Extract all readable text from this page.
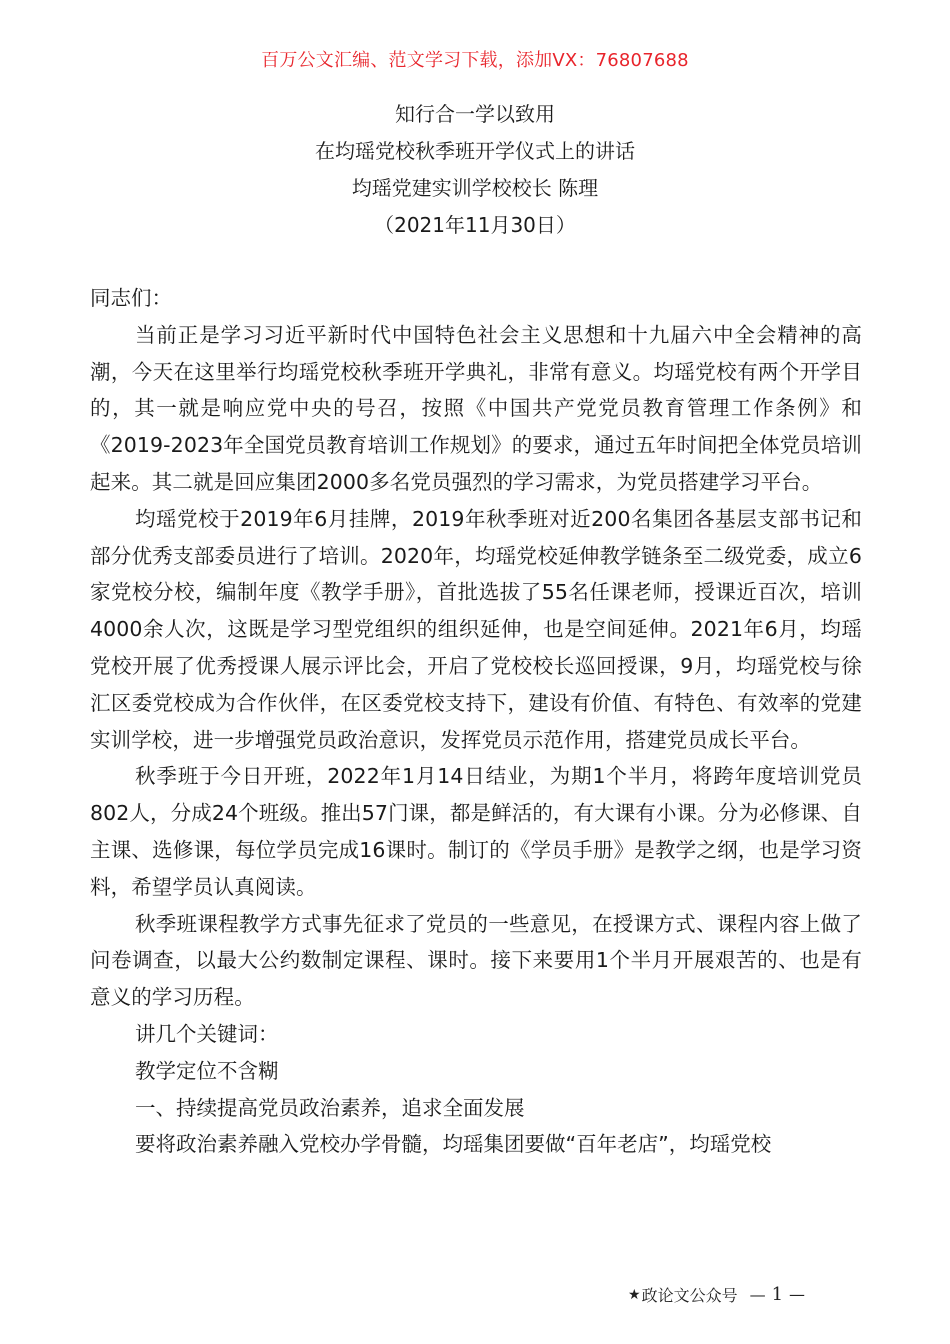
百万公文汇编、范文学习下载，添加VX：76807688
知行合一学以致用
在均瑶党校秋季班开学仪式上的讲话
均瑶党建实训学校校长 陈理
（2021年11月30日）

同志们：

当前正是学习习近平新时代中国特色社会主义思想和十九届六中全会精神的高潮，今天在这里举行均瑶党校秋季班开学典礼，非常有意义。均瑶党校有两个开学目的，其一就是响应党中央的号召，按照《中国共产党党员教育管理工作条例》和《2019-2023年全国党员教育培训工作规划》的要求，通过五年时间把全体党员培训起来。其二就是回应集团2000多名党员强烈的学习需求，为党员搭建学习平台。

均瑶党校于2019年6月挂牌，2019年秋季班对近200名集团各基层支部书记和部分优秀支部委员进行了培训。2020年，均瑶党校延伸教学链条至二级党委，成立6家党校分校，编制年度《教学手册》，首批选拔了55名任课老师，授课近百次，培训4000余人次，这既是学习型党组织的组织延伸，也是空间延伸。2021年6月，均瑶党校开展了优秀授课人展示评比会，开启了党校校长巡回授课，9月，均瑶党校与徐汇区委党校成为合作伙伴，在区委党校支持下，建设有价值、有特色、有效率的党建实训学校，进一步增强党员政治意识，发挥党员示范作用，搭建党员成长平台。

秋季班于今日开班，2022年1月14日结业，为期1个半月，将跨年度培训党员802人，分成24个班级。推出57门课，都是鲜活的，有大课有小课。分为必修课、自主课、选修课，每位学员完成16课时。制订的《学员手册》是教学之纲，也是学习资料，希望学员认真阅读。

秋季班课程教学方式事先征求了党员的一些意见，在授课方式、课程内容上做了问卷调查，以最大公约数制定课程、课时。接下来要用1个半月开展艰苦的、也是有意义的学习历程。

讲几个关键词：

教学定位不含糊

一、持续提高党员政治素养，追求全面发展

要将政治素养融入党校办学骨髓，均瑶集团要做“百年老店”，均瑶党校

★ 政论文公众号 — 1 —
